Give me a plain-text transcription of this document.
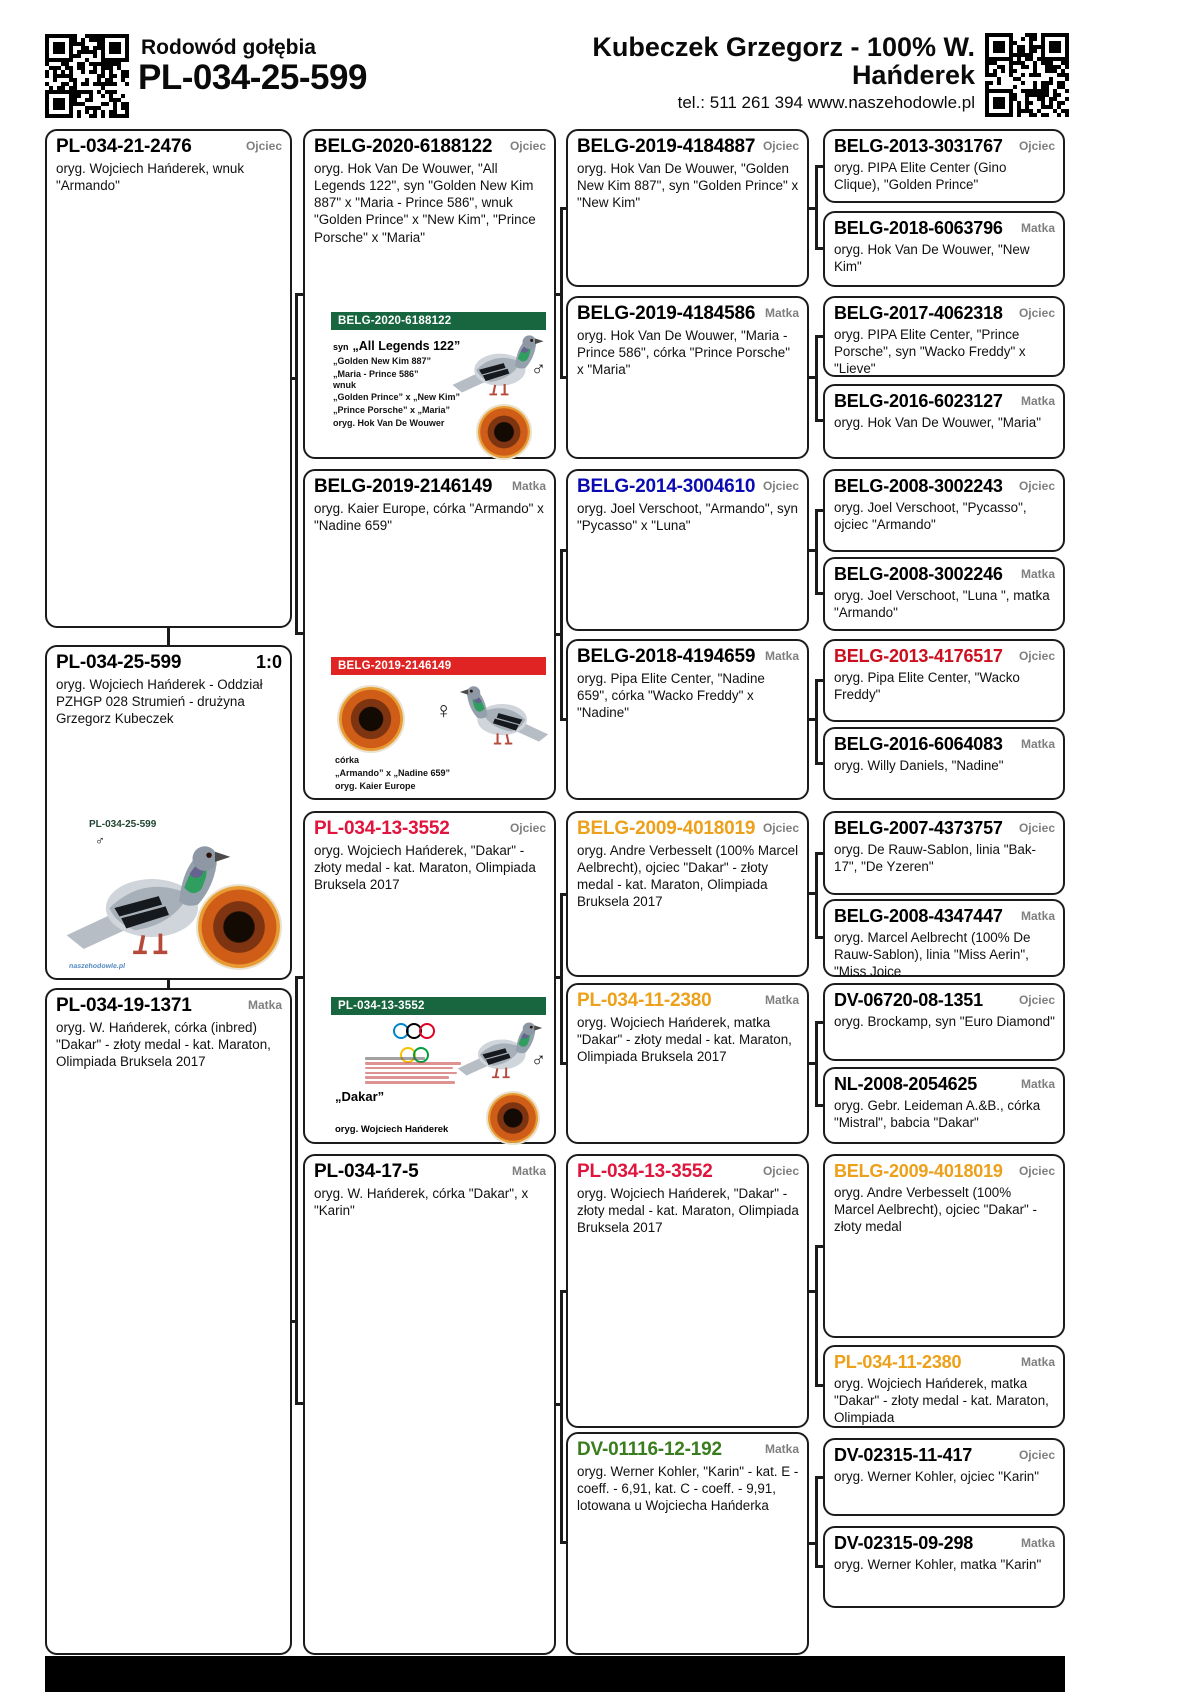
Rodowód gołębia
PL-034-25-599
Kubeczek Grzegorz - 100% W.
Hańderek
tel.: 511 261 394 www.naszehodowle.pl
PL-034-21-2476	Ojciec
oryg. Wojciech Hańderek, wnuk "Armando"
PL-034-25-599	1:0
oryg. Wojciech Hańderek - Oddział PZHGP 028 Strumień - drużyna Grzegorz Kubeczek
PL-034-25-599
♂
naszehodowle.pl
PL-034-19-1371	Matka
oryg. W. Hańderek, córka (inbred) "Dakar" - złoty medal - kat. Maraton, Olimpiada Bruksela 2017
BELG-2020-6188122 Ojciec
oryg. Hok Van De Wouwer, "All Legends 122", syn "Golden New Kim 887" x "Maria - Prince 586", wnuk "Golden Prince" x "New Kim", "Prince Porsche" x "Maria"
BELG-2020-6188122
syn „All Legends 122”
„Golden New Kim 887”
„Maria - Prince 586”
wnuk
„Golden Prince” x „New Kim”
„Prince Porsche” x „Maria”
oryg. Hok Van De Wouwer
♂
BELG-2019-2146149 Matka
oryg. Kaier Europe, córka "Armando" x "Nadine 659"
BELG-2019-2146149
♀
córka
„Armando” x „Nadine 659”
oryg. Kaier Europe
PL-034-13-3552	Ojciec
oryg. Wojciech Hańderek, "Dakar" - złoty medal - kat. Maraton, Olimpiada Bruksela 2017
PL-034-13-3552

„Dakar”
oryg. Wojciech Hańderek
♂
PL-034-17-5	Matka
oryg. W. Hańderek, córka "Dakar", x "Karin"
BELG-2019-4184887 Ojciec
oryg. Hok Van De Wouwer, "Golden New Kim 887", syn "Golden Prince" x "New Kim"
BELG-2019-4184586 Matka
oryg. Hok Van De Wouwer, "Maria - Prince 586", córka "Prince Porsche" x "Maria"
BELG-2014-3004610 Ojciec
oryg. Joel Verschoot, "Armando", syn "Pycasso" x "Luna"
BELG-2018-4194659 Matka
oryg. Pipa Elite Center, "Nadine 659", córka "Wacko Freddy" x "Nadine"
BELG-2009-4018019 Ojciec
oryg. Andre Verbesselt (100% Marcel Aelbrecht), ojciec "Dakar" - złoty medal - kat. Maraton, Olimpiada Bruksela 2017
PL-034-11-2380	Matka
oryg. Wojciech Hańderek, matka "Dakar" - złoty medal - kat. Maraton, Olimpiada Bruksela 2017
PL-034-13-3552	Ojciec
oryg. Wojciech Hańderek, "Dakar" - złoty medal - kat. Maraton, Olimpiada Bruksela 2017
DV-01116-12-192	Matka
oryg. Werner Kohler, "Karin" - kat. E - coeff. - 6,91, kat. C - coeff. - 9,91, lotowana u Wojciecha Hańderka
BELG-2013-3031767 Ojciec
oryg. PIPA Elite Center (Gino Clique), "Golden Prince"
BELG-2018-6063796 Matka
oryg. Hok Van De Wouwer, "New Kim"
BELG-2017-4062318 Ojciec
oryg. PIPA Elite Center, "Prince Porsche", syn "Wacko Freddy" x "Lieve"
BELG-2016-6023127 Matka
oryg. Hok Van De Wouwer, "Maria"
BELG-2008-3002243 Ojciec
oryg. Joel Verschoot, "Pycasso", ojciec "Armando"
BELG-2008-3002246 Matka
oryg. Joel Verschoot, "Luna ", matka "Armando"
BELG-2013-4176517 Ojciec
oryg. Pipa Elite Center, "Wacko Freddy"
BELG-2016-6064083 Matka
oryg. Willy Daniels, "Nadine"
BELG-2007-4373757 Ojciec
oryg. De Rauw-Sablon, linia "Bak-17", "De Yzeren"
BELG-2008-4347447 Matka
oryg. Marcel Aelbrecht (100% De Rauw-Sablon), linia "Miss Aerin", "Miss Joice
DV-06720-08-1351	Ojciec
oryg. Brockamp, syn "Euro Diamond"
NL-2008-2054625	Matka
oryg. Gebr. Leideman A.&B., córka "Mistral", babcia "Dakar"
BELG-2009-4018019 Ojciec
oryg. Andre Verbesselt (100% Marcel Aelbrecht), ojciec "Dakar" - złoty medal
PL-034-11-2380	Matka
oryg. Wojciech Hańderek, matka "Dakar" - złoty medal - kat. Maraton, Olimpiada
DV-02315-11-417	Ojciec
oryg. Werner Kohler, ojciec "Karin"
DV-02315-09-298	Matka
oryg. Werner Kohler, matka "Karin"
